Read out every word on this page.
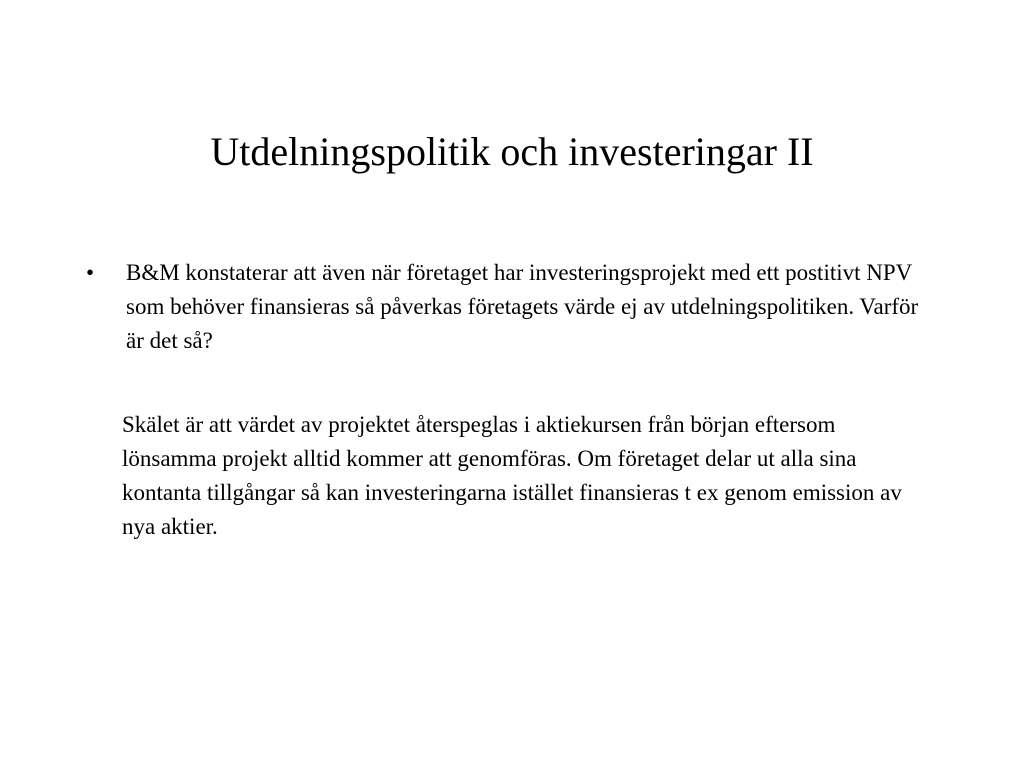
Utdelningspolitik och investeringar II
•	B&M konstaterar att även när företaget har investeringsprojekt med ett postitivt NPV som behöver finansieras så påverkas företagets värde ej av utdelningspolitiken. Varför är det så?
Skälet är att värdet av projektet återspeglas i aktiekursen från början eftersom lönsamma projekt alltid kommer att genomföras. Om företaget delar ut alla sina kontanta tillgångar så kan investeringarna istället finansieras t ex genom emission av nya aktier.
